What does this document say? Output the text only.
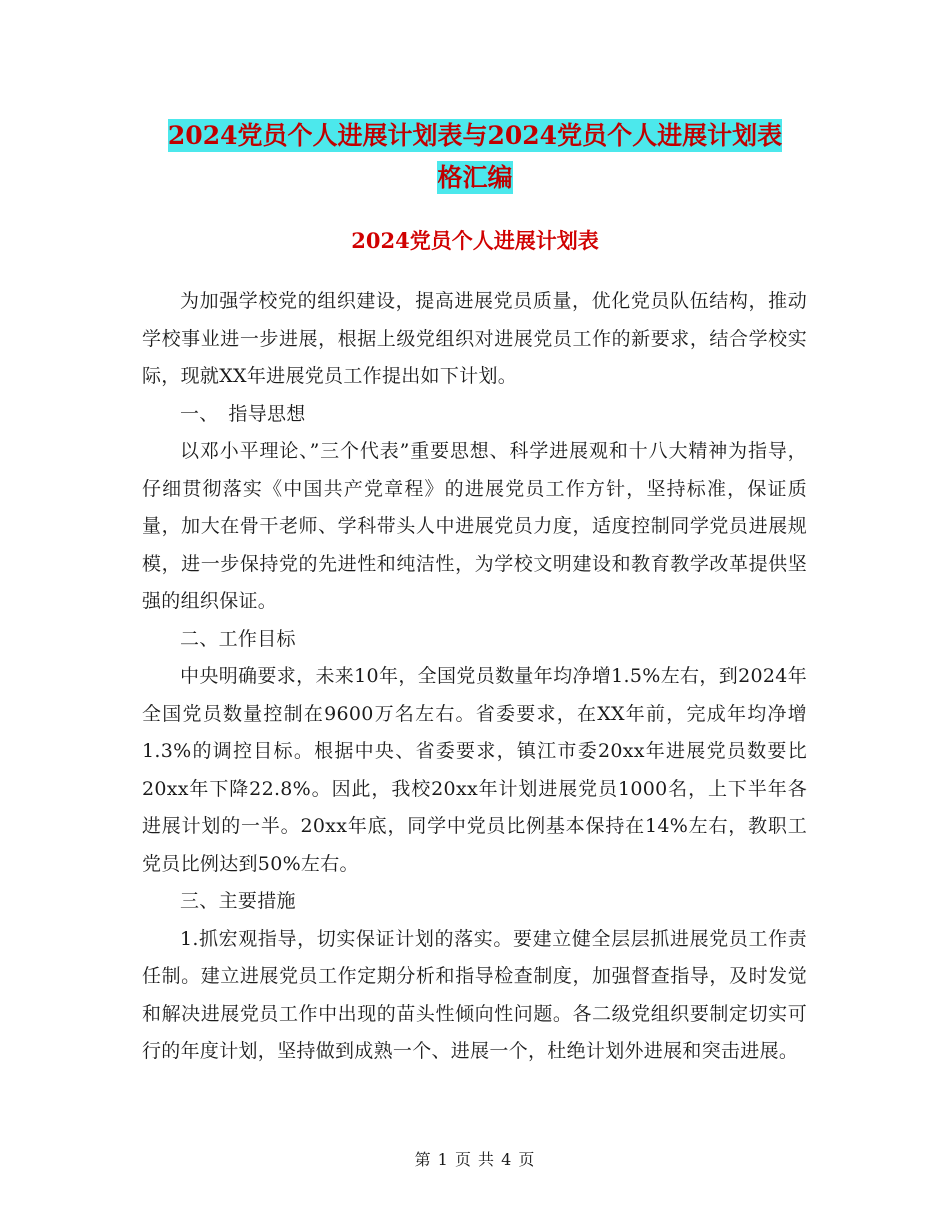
2024党员个人进展计划表与2024党员个人进展计划表
格汇编
2024党员个人进展计划表

为加强学校党的组织建设，提高进展党员质量，优化党员队伍结构，推动学校事业进一步进展，根据上级党组织对进展党员工作的新要求，结合学校实际，现就XX年进展党员工作提出如下计划。

一、　指导思想

以邓小平理论、”三个代表”重要思想、科学进展观和十八大精神为指导，仔细贯彻落实《中国共产党章程》的进展党员工作方针，坚持标准，保证质量，加大在骨干老师、学科带头人中进展党员力度，适度控制同学党员进展规模，进一步保持党的先进性和纯洁性，为学校文明建设和教育教学改革提供坚强的组织保证。

二、工作目标

中央明确要求，未来10年，全国党员数量年均净增1.5%左右，到2024年全国党员数量控制在9600万名左右。省委要求，在XX年前，完成年均净增1.3%的调控目标。根据中央、省委要求，镇江市委20xx年进展党员数要比20xx年下降22.8%。因此，我校20xx年计划进展党员1000名，上下半年各进展计划的一半。20xx年底，同学中党员比例基本保持在14%左右，教职工党员比例达到50%左右。

三、主要措施

1.抓宏观指导，切实保证计划的落实。要建立健全层层抓进展党员工作责任制。建立进展党员工作定期分析和指导检查制度，加强督查指导，及时发觉和解决进展党员工作中出现的苗头性倾向性问题。各二级党组织要制定切实可行的年度计划，坚持做到成熟一个、进展一个，杜绝计划外进展和突击进展。

第 1 页 共 4 页
